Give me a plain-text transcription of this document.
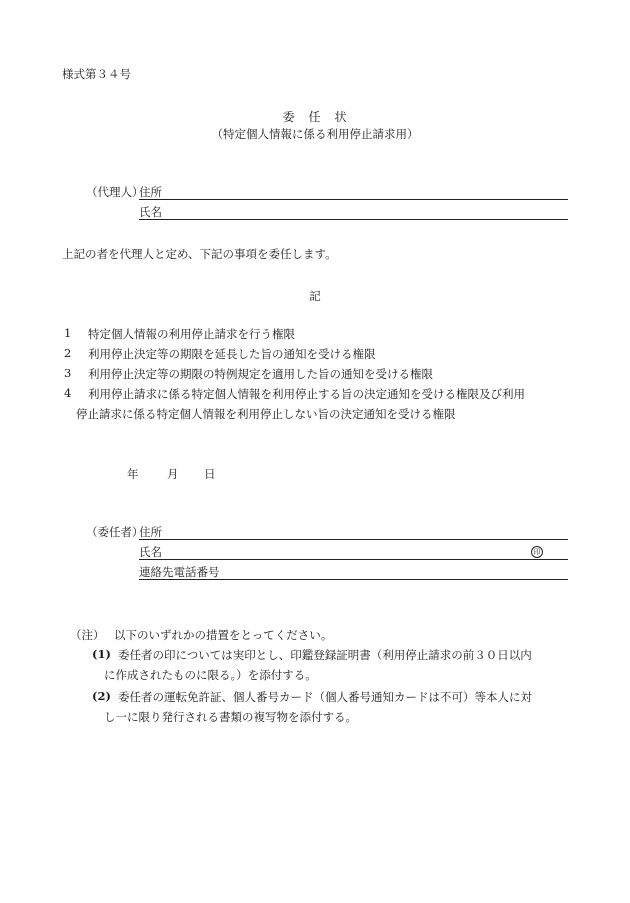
様式第３４号
委　任　状
（特定個人情報に係る利用停止請求用）
（代理人）
住所
氏名
上記の者を代理人と定め、下記の事項を委任します。
記
1 特定個人情報の利用停止請求を行う権限
2 利用停止決定等の期限を延長した旨の通知を受ける権限
3 利用停止決定等の期限の特例規定を適用した旨の通知を受ける権限
4 利用停止請求に係る特定個人情報を利用停止する旨の決定通知を受ける権限及び利用
停止請求に係る特定個人情報を利用停止しない旨の決定通知を受ける権限
年 月 日
（委任者）
住所
氏名	印
連絡先電話番号
（注） 以下のいずれかの措置をとってください。
(1) 委任者の印については実印とし、印鑑登録証明書（利用停止請求の前３０日以内
に作成されたものに限る。）を添付する。
(2) 委任者の運転免許証、個人番号カード（個人番号通知カードは不可）等本人に対
し一に限り発行される書類の複写物を添付する。
